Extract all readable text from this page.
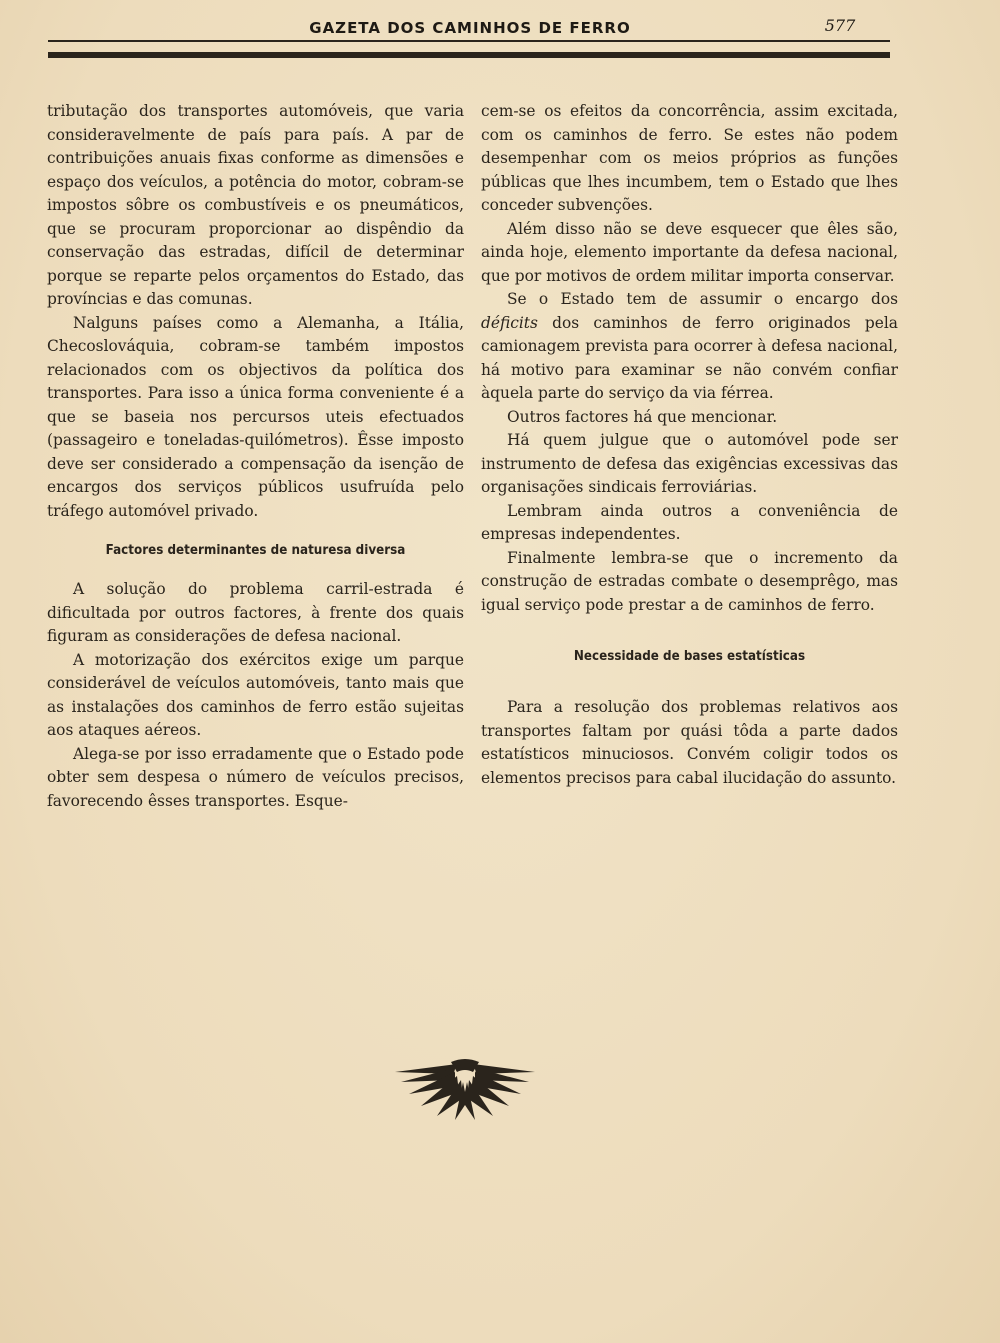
GAZETA DOS CAMINHOS DE FERRO	577

tributação dos transportes automóveis, que varia consideravelmente de país para país. A par de contribuições anuais fixas conforme as dimensões e espaço dos veículos, a potência do motor, cobram-se impostos sôbre os combustíveis e os pneumáticos, que se procuram proporcionar ao dispêndio da conservação das estradas, difícil de determinar porque se reparte pelos orçamentos do Estado, das províncias e das comunas.

Nalguns países como a Alemanha, a Itália, Checoslováquia, cobram-se também impostos relacionados com os objectivos da política dos transportes. Para isso a única forma conveniente é a que se baseia nos percursos uteis efectuados (passageiro e toneladas-quilómetros). Êsse imposto deve ser considerado a compensação da isenção de encargos dos serviços públicos usufruída pelo tráfego automóvel privado.

Factores determinantes de naturesa diversa

A solução do problema carril-estrada é dificultada por outros factores, à frente dos quais figuram as considerações de defesa nacional.

A motorização dos exércitos exige um parque considerável de veículos automóveis, tanto mais que as instalações dos caminhos de ferro estão sujeitas aos ataques aéreos.

Alega-se por isso erradamente que o Estado pode obter sem despesa o número de veículos precisos, favorecendo êsses transportes. Esque-

cem-se os efeitos da concorrência, assim excitada, com os caminhos de ferro. Se estes não podem desempenhar com os meios próprios as funções públicas que lhes incumbem, tem o Estado que lhes conceder subvenções.

Além disso não se deve esquecer que êles são, ainda hoje, elemento importante da defesa nacional, que por motivos de ordem militar importa conservar.

Se o Estado tem de assumir o encargo dos déficits dos caminhos de ferro originados pela camionagem prevista para ocorrer à defesa nacional, há motivo para examinar se não convém confiar àquela parte do serviço da via férrea.

Outros factores há que mencionar.

Há quem julgue que o automóvel pode ser instrumento de defesa das exigências excessivas das organisações sindicais ferroviárias.

Lembram ainda outros a conveniência de empresas independentes.

Finalmente lembra-se que o incremento da construção de estradas combate o desemprêgo, mas igual serviço pode prestar a de caminhos de ferro.

Necessidade de bases estatísticas

Para a resolução dos problemas relativos aos transportes faltam por quási tôda a parte dados estatísticos minuciosos. Convém coligir todos os elementos precisos para cabal ilucidação do assunto.
